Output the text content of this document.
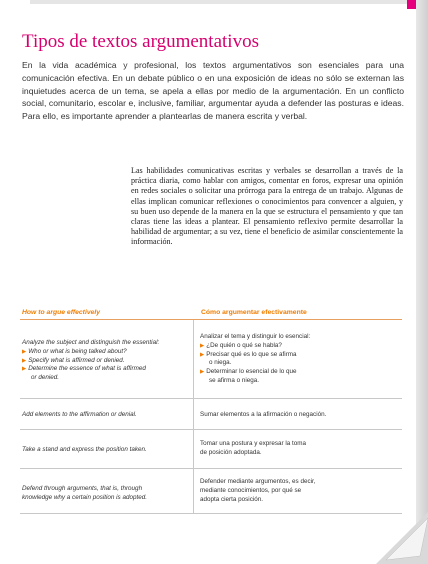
Tipos de textos argumentativos
En la vida académica y profesional, los textos argumentativos son esenciales para una comunicación efectiva. En un debate público o en una exposición de ideas no sólo se externan las inquietudes acerca de un tema, se apela a ellas por medio de la argumentación. En un conflicto social, comunitario, escolar e, inclusive, familiar, argumentar ayuda a defender las posturas e ideas. Para ello, es importante aprender a plantearlas de manera escrita y verbal.
Las habilidades comunicativas escritas y verbales se desarrollan a través de la práctica diaria, como hablar con amigos, comentar en foros, expresar una opinión en redes sociales o solicitar una prórroga para la entrega de un trabajo. Algunas de ellas implican comunicar reflexiones o conocimientos para convencer a alguien, y su buen uso depende de la manera en la que se estructura el pensamiento y que tan claras tiene las ideas a plantear. El pensamiento reflexivo permite desarrollar la habilidad de argumentar; a su vez, tiene el beneficio de asimilar conscientemente la información.
How to argue effectively	Cómo argumentar efectivamente
Analyze the subject and distinguish the essential:
▶ Who or what is being talked about?
▶ Specify what is affirmed or denied.
▶ Determine the essence of what is affirmed
or denied.
Analizar el tema y distinguir lo esencial:
▶ ¿De quién o qué se habla?
▶ Precisar qué es lo que se afirma
o niega.
▶ Determinar lo esencial de lo que
se afirma o niega.
Add elements to the affirmation or denial.	Sumar elementos a la afirmación o negación.
Take a stand and express the position taken.
Tomar una postura y expresar la toma
de posición adoptada.
Defend through arguments, that is, through
knowledge why a certain position is adopted.
Defender mediante argumentos, es decir,
mediante conocimientos, por qué se
adopta cierta posición.
